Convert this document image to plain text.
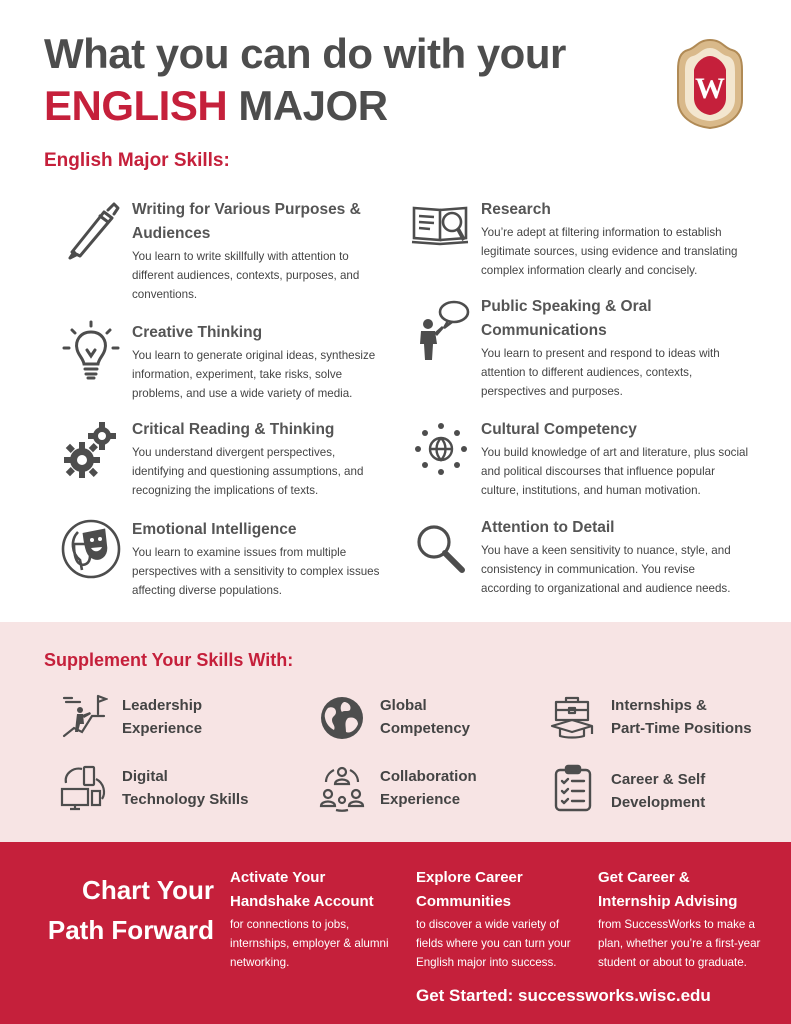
What you can do with your
ENGLISH MAJOR	W
English Major Skills:
Writing for Various Purposes & Audiences
You learn to write skillfully with attention to different audiences, contexts, purposes, and conventions.
Research
You’re adept at filtering information to establish legitimate sources, using evidence and translating complex information clearly and concisely.
Creative Thinking
You learn to generate original ideas, synthesize information, experiment, take risks, solve problems, and use a wide variety of media.
Public Speaking & Oral Communications
You learn to present and respond to ideas with attention to different audiences, contexts, perspectives and purposes.
Critical Reading & Thinking
You understand divergent perspectives, identifying and questioning assumptions, and recognizing the implications of texts.
Cultural Competency
You build knowledge of art and literature, plus social and political discourses that influence popular culture, institutions, and human motivation.
Emotional Intelligence
You learn to examine issues from multiple perspectives with a sensitivity to complex issues affecting diverse populations.
Attention to Detail
You have a keen sensitivity to nuance, style, and consistency in communication. You revise according to organizational and audience needs.
Supplement Your Skills With:
Leadership
Experience
Global
Competency
Internships &
Part-Time Positions
Digital
Technology Skills
Collaboration
Experience
Career & Self
Development
Chart Your
Path Forward
Activate Your
Handshake Account
for connections to jobs, internships, employer & alumni networking.
Explore Career
Communities
to discover a wide variety of fields where you can turn your English major into success.
Get Career &
Internship Advising
from SuccessWorks to make a plan, whether you’re a first-year student or about to graduate.
Get Started: successworks.wisc.edu
